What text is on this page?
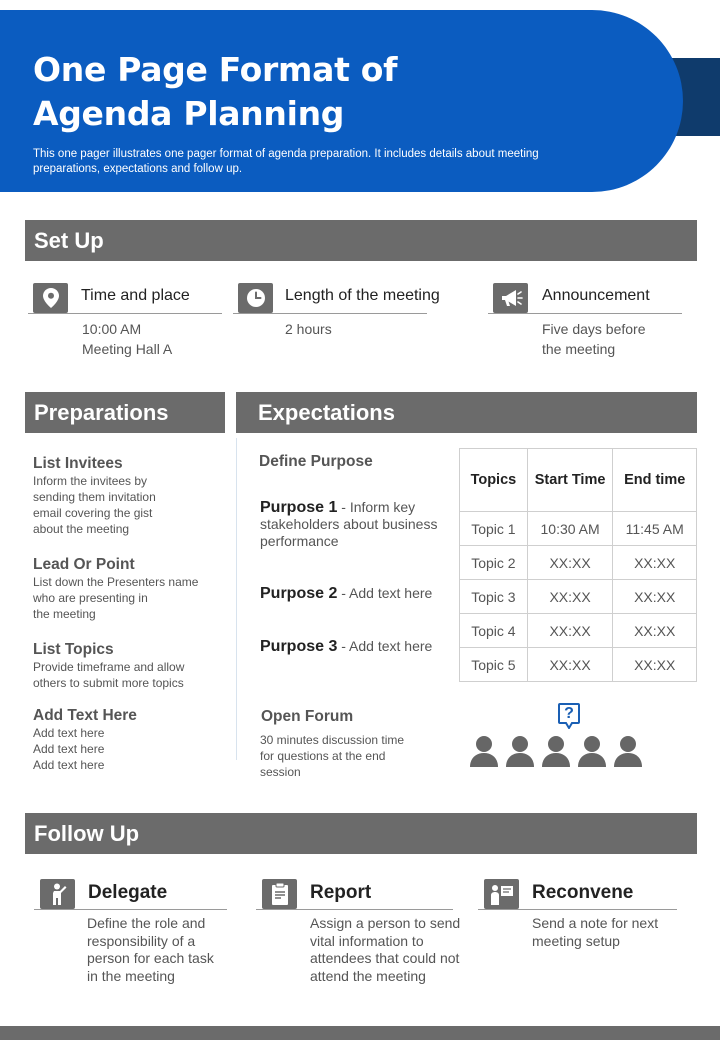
One Page Format of
Agenda Planning
This one pager illustrates one pager format of agenda preparation. It includes details about meeting preparations, expectations and follow up.
Set Up
Time and place
10:00 AM
Meeting Hall A
Length of the meeting
2 hours
Announcement
Five days before
the meeting
Preparations
List Invitees
Inform the invitees by
sending them invitation
email covering the gist
about the meeting
Lead Or Point
List down the Presenters name
who are presenting in
the meeting
List Topics
Provide timeframe and allow
others to submit more topics
Add Text Here
Add text here
Add text here
Add text here
Expectations
Define Purpose
Purpose 1 - Inform key stakeholders about business performance
Purpose 2 - Add text here
Purpose 3 - Add text here
Topics	Start Time	End time
Topic 1	10:30 AM	11:45 AM
Topic 2	XX:XX	XX:XX
Topic 3	XX:XX	XX:XX
Topic 4	XX:XX	XX:XX
Topic 5	XX:XX	XX:XX
Open Forum
30 minutes discussion time for questions at the end session
?
Follow Up
Delegate
Define the role and responsibility of a person for each task in the meeting
Report
Assign a person to send vital information to attendees that could not attend the meeting
Reconvene
Send a note for next meeting setup
